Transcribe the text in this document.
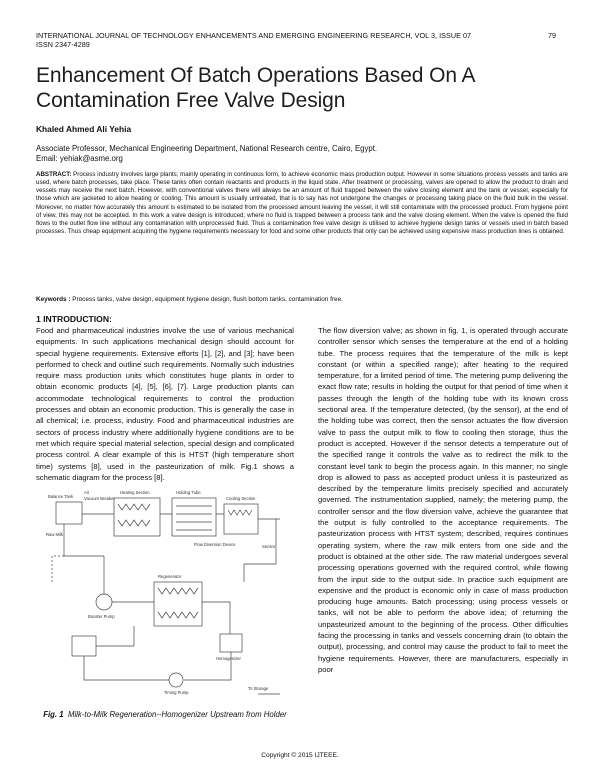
INTERNATIONAL JOURNAL OF TECHNOLOGY ENHANCEMENTS AND EMERGING ENGINEERING RESEARCH, VOL 3, ISSUE 07
ISSN 2347-4289
79
Enhancement Of Batch Operations Based On A Contamination Free Valve Design
Khaled Ahmed Ali Yehia
Associate Professor, Mechanical Engineering Department, National Research centre, Cairo, Egypt.
Email: yehiak@asme.org
ABSTRACT: Process industry involves large plants; mainly operating in continuous form, to achieve economic mass production output. However in some situations process vessels and tanks are used, where batch processes, take place. These tanks often contain reactants and products in the liquid state. After treatment or processing, valves are opened to allow the product to drain and vessels may receive the next batch. However, with conventional valves there will always be an amount of fluid trapped between the valve closing element and the tank or vessel, especially for those which are jacketed to allow heating or cooling. This amount is usually untreated, that is to say has not undergone the changes or processing taking place on the fluid bulk in the vessel. Moreover, no matter how accurately this amount is estimated to be isolated from the processed amount leaving the vessel, it will still contaminate with the processed product. From hygiene point of view, this may not be accepted. In this work a valve design is introduced; where no fluid is trapped between a process tank and the valve closing element. When the valve is opened the fluid flows to the outlet flow line without any contamination with unprocessed fluid. Thus a contamination free valve design is utilised to achieve hygiene design tanks or vessels used in batch based processes. Thus cheap equipment acquiring the hygiene requirements necessary for food and some other products that only can be achieved using expensive mass production lines is obtained.
Keywords : Process tanks, valve design, equipment hygiene design, flush bottom tanks, contamination free.
1 INTRODUCTION:
Food and pharmaceutical industries involve the use of various mechanical equipments. In such applications mechanical design should account for special hygiene requirements. Extensive efforts [1], [2], and [3]; have been performed to check and outline such requirements. Normally such industries require mass production units which constitutes huge plants in order to obtain economic products [4], [5], [6], [7]. Large production plants can accommodate technological requirements to control the production processes and obtain an economic production. This is generally the case in all chemical; i.e. process, industry. Food and pharmaceutical industries are sectors of process industry where additionally hygiene conditions are to be met which require special material selection, special design and complicated process control. A clear example of this is HTST (high temperature short time) systems [8], used in the pasteurization of milk. Fig.1 shows a schematic diagram for the process [8].
The flow diversion valve; as shown in fig. 1, is operated through accurate controller sensor which senses the temperature at the end of a holding tube. The process requires that the temperature of the milk is kept constant (or within a specified range); after heating to the required temperature, for a limited period of time. The metering pump delivering the exact flow rate; results in holding the output for that period of time when it passes through the length of the holding tube with its known cross sectional area. If the temperature detected, (by the sensor), at the end of the holding tube was correct, then the sensor actuates the flow diversion valve to pass the output milk to flow to cooling then storage, thus the product is accepted. However if the sensor detects a temperature out of the specified range it controls the valve as to redirect the milk to the constant level tank to begin the process again. In this manner; no single drop is allowed to pass as accepted product unless it is pasteurized as described by the temperature limits precisely specified and accurately governed. The instrumentation supplied, namely; the metering pump, the controller sensor and the flow diversion valve, achieve the guarantee that the output is fully controlled to the acceptance requirements. The pasteurization process with HTST system; described, requires continues operating system, where the raw milk enters from one side and the product is obtained at the other side. The raw material undergoes several processing operations governed with the required control, while flowing from the input side to the output side. In practice such equipment are expensive and the product is economic only in case of mass production producing huge amounts. Batch processing; using process vessels or tanks, will not be able to perform the above idea; of returning the unpasteurized amount to the beginning of the process. Other difficulties facing the processing in tanks and vessels concerning drain (to obtain the output), processing, and control may cause the product to fail to meet the hygiene requirements. However, there are manufacturers, especially in poor
Air
Vacuum Breaker
Raw Milk
Balance Tank
Heating Section	Holding Tube
Flow Diversion Device
Booster Pump
Cooling Section
Regenerator
Homogenizer
To Storage
Timing Pump
Sensor
Fig. 1 Milk-to-Milk Regeneration--Homogenizer Upstream from Holder
Copyright © 2015 IJTEEE.
